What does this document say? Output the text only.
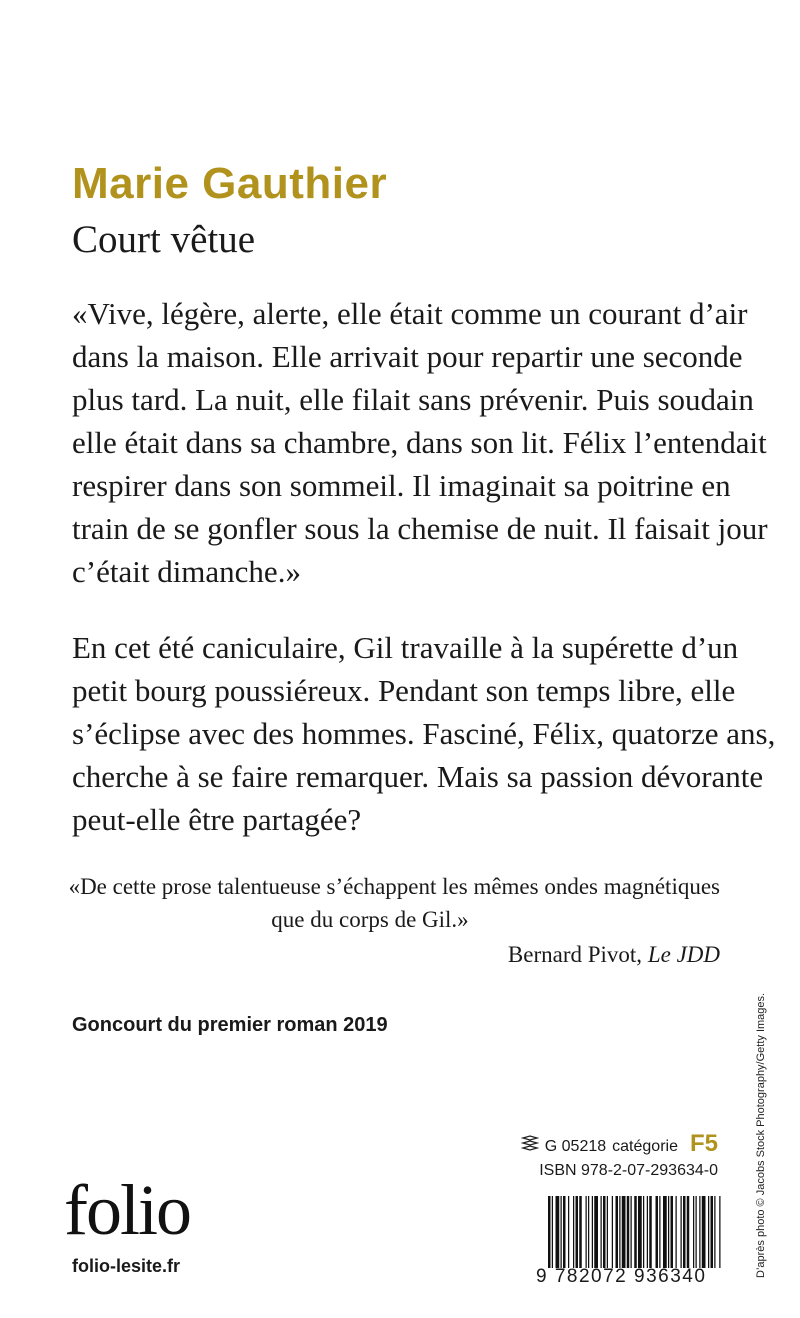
Marie Gauthier
Court vêtue
«Vive, légère, alerte, elle était comme un courant d’air
dans la maison. Elle arrivait pour repartir une seconde
plus tard. La nuit, elle filait sans prévenir. Puis soudain
elle était dans sa chambre, dans son lit. Félix l’entendait
respirer dans son sommeil. Il imaginait sa poitrine en
train de se gonfler sous la chemise de nuit. Il faisait jour
c’était dimanche.»
En cet été caniculaire, Gil travaille à la supérette d’un
petit bourg poussiéreux. Pendant son temps libre, elle
s’éclipse avec des hommes. Fasciné, Félix, quatorze ans,
cherche à se faire remarquer. Mais sa passion dévorante
peut-elle être partagée?
«De cette prose talentueuse s’échappent les mêmes ondes magnétiques
que du corps de Gil.»
Bernard Pivot, Le JDD
Goncourt du premier roman 2019
G 05218 catégorie F5
ISBN 978-2-07-293634-0
9 782072 936340
folio
folio-lesite.fr	D’après photo © Jacobs Stock Photography/Getty Images.
